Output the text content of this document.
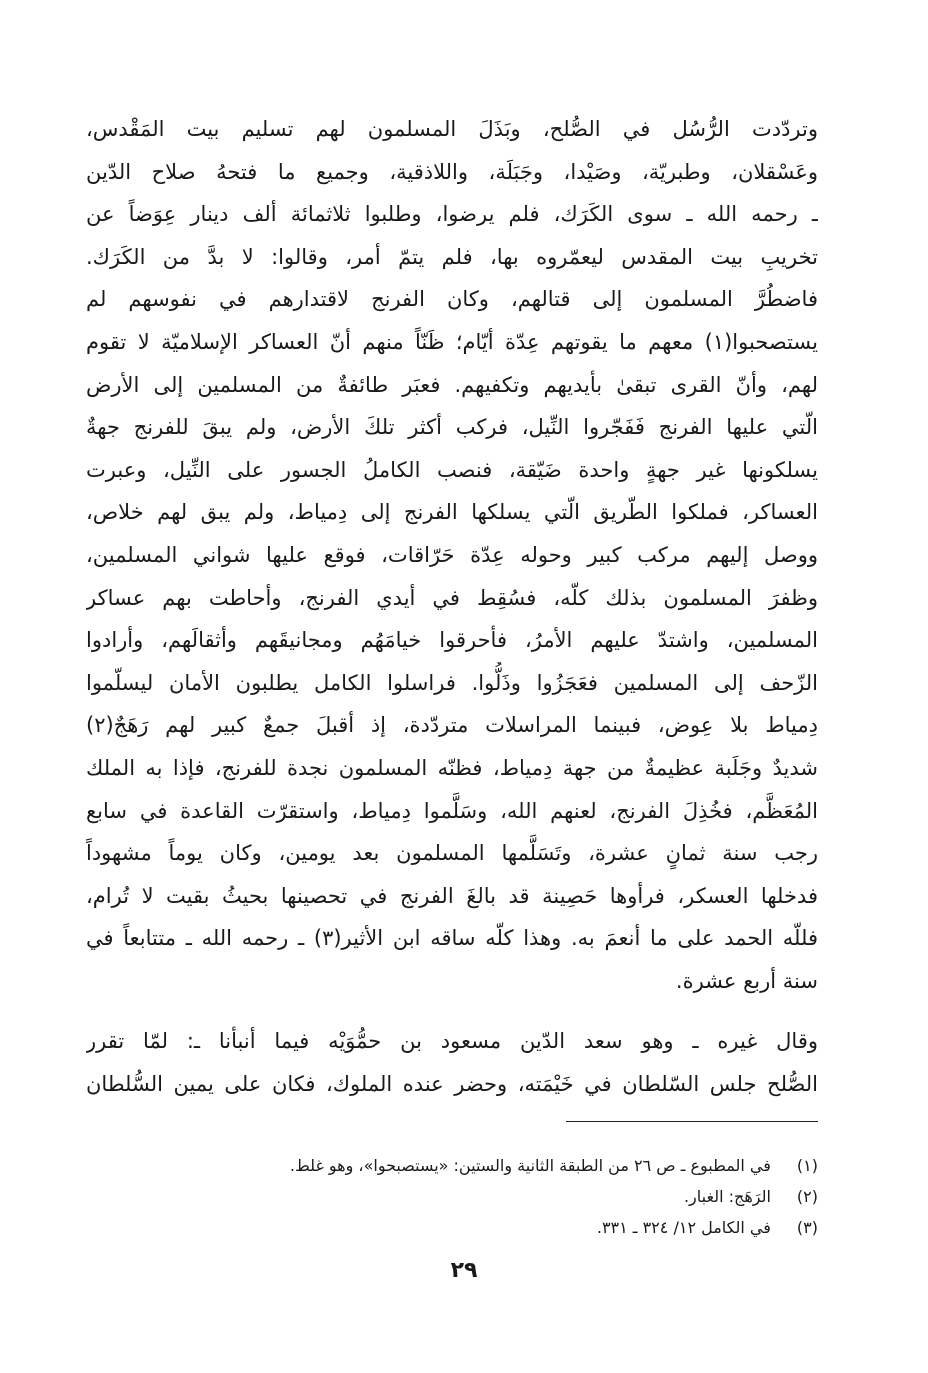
وتردّدت الرُّسُل في الصُّلح، وبَذَلَ المسلمون لهم تسليم بيت المَقْدس،
وعَسْقلان، وطبريّة، وصَيْدا، وجَبَلَة، واللاذقية، وجميع ما فتحهُ صلاح الدّين
ـ رحمه الله ـ سوى الكَرَك، فلم يرضوا، وطلبوا ثلاثمائة ألف دينار عِوَضاً عن
تخريبِ بيت المقدس ليعمّروه بها، فلم يتمّ أمر، وقالوا: لا بدَّ من الكَرَك.
فاضطُرَّ المسلمون إلى قتالهم، وكان الفرنج لاقتدارهم في نفوسهم لم
يستصحبوا(١) معهم ما يقوتهم عِدّة أيّام؛ ظَنّاً منهم أنّ العساكر الإسلاميّة لا تقوم
لهم، وأنّ القرى تبقىٰ بأيديهم وتكفيهم. فعبَر طائفةٌ من المسلمين إلى الأرض
الّتي عليها الفرنج فَفَجّروا النِّيل، فركب أكثر تلكَ الأرض، ولم يبقَ للفرنج جهةٌ
يسلكونها غير جهةٍ واحدة ضَيّقة، فنصب الكاملُ الجسور على النِّيل، وعبرت
العساكر، فملكوا الطّريق الّتي يسلكها الفرنج إلى دِمياط، ولم يبق لهم خلاص،
ووصل إليهم مركب كبير وحوله عِدّة حَرّاقات، فوقع عليها شواني المسلمين،
وظفرَ المسلمون بذلك كلّه، فسُقِط في أيدي الفرنج، وأحاطت بهم عساكر
المسلمين، واشتدّ عليهم الأمرُ، فأحرقوا خيامَهُم ومجانيقَهم وأثقالَهم، وأرادوا
الزّحف إلى المسلمين فعَجَزُوا وذَلُّوا. فراسلوا الكامل يطلبون الأمان ليسلّموا
دِمياط بلا عِوض، فبينما المراسلات متردّدة، إذ أقبلَ جمعٌ كبير لهم رَهَجٌ(٢)
شديدٌ وجَلَبة عظيمةٌ من جهة دِمياط، فظنّه المسلمون نجدة للفرنج، فإذا به الملك
المُعَظَّم، فخُذِلَ الفرنج، لعنهم الله، وسَلَّموا دِمياط، واستقرّت القاعدة في سابع
رجب سنة ثمانٍ عشرة، وتَسَلَّمها المسلمون بعد يومين، وكان يوماً مشهوداً
فدخلها العسكر، فرأوها حَصِينة قد بالغَ الفرنج في تحصينها بحيثُ بقيت لا تُرام،
فللّه الحمد على ما أنعمَ به. وهذا كلّه ساقه ابن الأثير(٣) ـ رحمه الله ـ متتابعاً في
سنة أربع عشرة.
وقال غيره ـ وهو سعد الدّين مسعود بن حمُّوَيْه فيما أنبأنا ـ: لمّا تقرر
الصُّلح جلس السّلطان في خَيْمَته، وحضر عنده الملوك، فكان على يمين السُّلطان
(١) في المطبوع ـ ص ٢٦ من الطبقة الثانية والستين: «يستصبحوا»، وهو غلط.
(٢) الرَهَج: الغبار.
(٣) في الكامل ١٢/ ٣٢٤ ـ ٣٣١.
٢٩
